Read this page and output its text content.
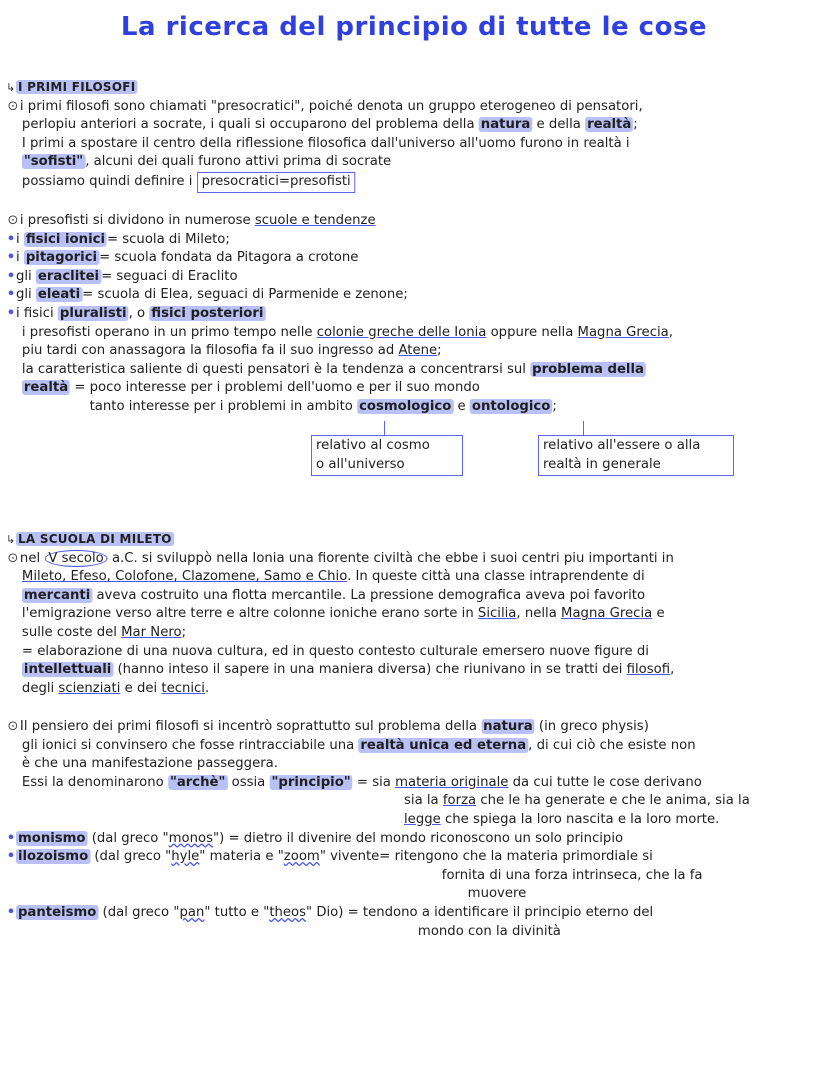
La ricerca del principio di tutte le cose
↳ I PRIMI FILOSOFI
⊙i primi filosofi sono chiamati "presocratici", poiché denota un gruppo eterogeneo di pensatori,
perlopiu anteriori a socrate, i quali si occuparono del problema della natura e della realtà ;
I primi a spostare il centro della riflessione filosofica dall'universo all'uomo furono in realtà i
"sofisti" , alcuni dei quali furono attivi prima di socrate
possiamo quindi definire i presocratici=presofisti
⊙i presofisti si dividono in numerose scuole e tendenze
•i fisici ionici = scuola di Mileto;
•i pitagorici = scuola fondata da Pitagora a crotone
•gli eraclitei = seguaci di Eraclito
•gli eleati = scuola di Elea, seguaci di Parmenide e zenone;
•i fisici pluralisti , o fisici posteriori
i presofisti operano in un primo tempo nelle colonie greche delle Ionia oppure nella Magna Grecia,
piu tardi con anassagora la filosofia fa il suo ingresso ad Atene;
la caratteristica saliente di questi pensatori è la tendenza a concentrarsi sul problema della
realtà = poco interesse per i problemi dell'uomo e per il suo mondo
tanto interesse per i problemi in ambito cosmologico e ontologico ;
relativo al cosmo
o all'universo
relativo all'essere o alla
realtà in generale
↳ LA SCUOLA DI MILETO
⊙nel V secolo a.C. si sviluppò nella Ionia una fiorente civiltà che ebbe i suoi centri piu importanti in
Mileto, Efeso, Colofone, Clazomene, Samo e Chio. In queste città una classe intraprendente di
mercanti aveva costruito una flotta mercantile. La pressione demografica aveva poi favorito
l'emigrazione verso altre terre e altre colonne ioniche erano sorte in Sicilia, nella Magna Grecia e
sulle coste del Mar Nero;
= elaborazione di una nuova cultura, ed in questo contesto culturale emersero nuove figure di
intellettuali (hanno inteso il sapere in una maniera diversa) che riunivano in se tratti dei filosofi,
degli scienziati e dei tecnici.
⊙Il pensiero dei primi filosofi si incentrò soprattutto sul problema della natura (in greco physis)
gli ionici si convinsero che fosse rintracciabile una realtà unica ed eterna , di cui ciò che esiste non
è che una manifestazione passeggera.
Essi la denominarono "archè" ossia "principio" = sia materia originale da cui tutte le cose derivano
sia la forza che le ha generate e che le anima, sia la
legge che spiega la loro nascita e la loro morte.
• monismo (dal greco "monos") = dietro il divenire del mondo riconoscono un solo principio
• ilozoismo (dal greco "hyle" materia e "zoom" vivente= ritengono che la materia primordiale si
fornita di una forza intrinseca, che la fa
muovere
• panteismo (dal greco "pan" tutto e "theos" Dio) = tendono a identificare il principio eterno del
mondo con la divinità
